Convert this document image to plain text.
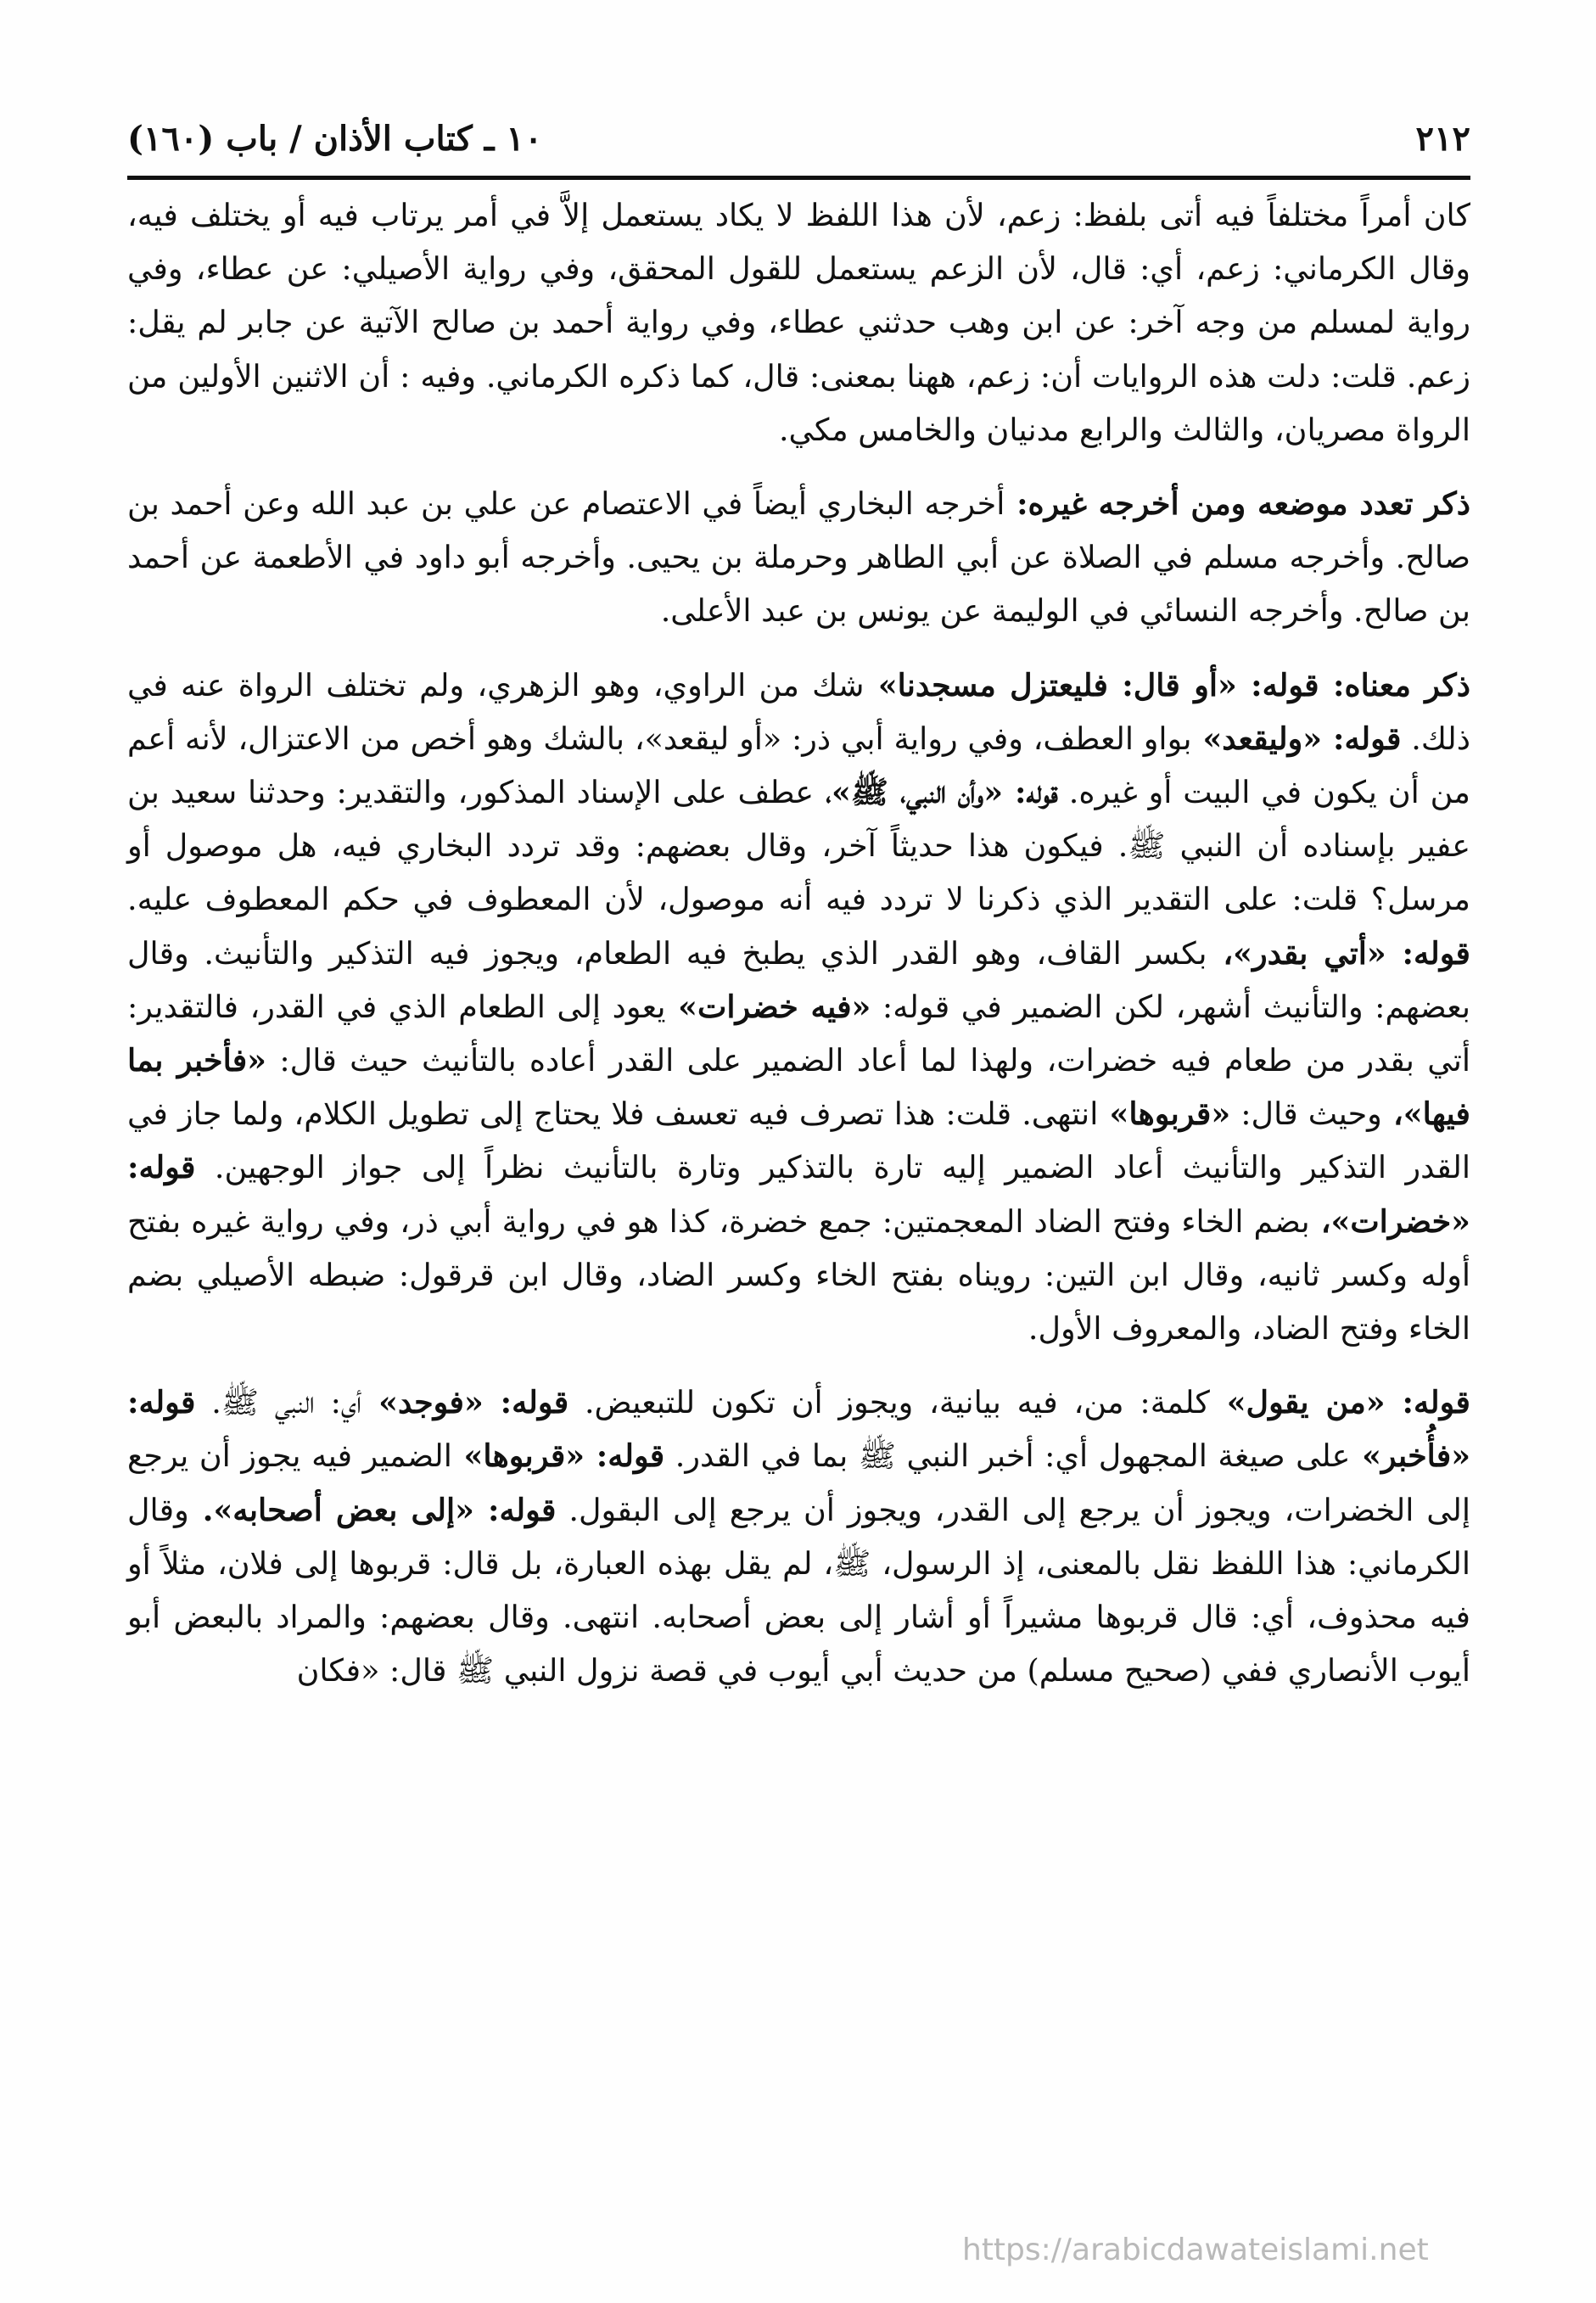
٢١٢
١٠ ـ كتاب الأذان / باب (١٦٠)

كان أمراً مختلفاً فيه أتى بلفظ: زعم، لأن هذا اللفظ لا يكاد يستعمل إلاَّ في أمر يرتاب فيه أو يختلف فيه، وقال الكرماني: زعم، أي: قال، لأن الزعم يستعمل للقول المحقق، وفي رواية الأصيلي: عن عطاء، وفي رواية لمسلم من وجه آخر: عن ابن وهب حدثني عطاء، وفي رواية أحمد بن صالح الآتية عن جابر لم يقل: زعم. قلت: دلت هذه الروايات أن: زعم، ههنا بمعنى: قال، كما ذكره الكرماني. وفيه : أن الاثنين الأولين من الرواة مصريان، والثالث والرابع مدنيان والخامس مكي.

ذكر تعدد موضعه ومن أخرجه غيره: أخرجه البخاري أيضاً في الاعتصام عن علي بن عبد الله وعن أحمد بن صالح. وأخرجه مسلم في الصلاة عن أبي الطاهر وحرملة بن يحيى. وأخرجه أبو داود في الأطعمة عن أحمد بن صالح. وأخرجه النسائي في الوليمة عن يونس بن عبد الأعلى.

ذكر معناه: قوله: «أو قال: فليعتزل مسجدنا» شك من الراوي، وهو الزهري، ولم تختلف الرواة عنه في ذلك. قوله: «وليقعد» بواو العطف، وفي رواية أبي ذر: «أو ليقعد»، بالشك وهو أخص من الاعتزال، لأنه أعم من أن يكون في البيت أو غيره. قوله: «وأن النبي، ﷺ»، عطف على الإسناد المذكور، والتقدير: وحدثنا سعيد بن عفير بإسناده أن النبي ﷺ. فيكون هذا حديثاً آخر، وقال بعضهم: وقد تردد البخاري فيه، هل موصول أو مرسل؟ قلت: على التقدير الذي ذكرنا لا تردد فيه أنه موصول، لأن المعطوف في حكم المعطوف عليه. قوله: «أتي بقدر»، بكسر القاف، وهو القدر الذي يطبخ فيه الطعام، ويجوز فيه التذكير والتأنيث. وقال بعضهم: والتأنيث أشهر، لكن الضمير في قوله: «فيه خضرات» يعود إلى الطعام الذي في القدر، فالتقدير: أتي بقدر من طعام فيه خضرات، ولهذا لما أعاد الضمير على القدر أعاده بالتأنيث حيث قال: «فأخبر بما فيها»، وحيث قال: «قربوها» انتهى. قلت: هذا تصرف فيه تعسف فلا يحتاج إلى تطويل الكلام، ولما جاز في القدر التذكير والتأنيث أعاد الضمير إليه تارة بالتذكير وتارة بالتأنيث نظراً إلى جواز الوجهين. قوله: «خضرات»، بضم الخاء وفتح الضاد المعجمتين: جمع خضرة، كذا هو في رواية أبي ذر، وفي رواية غيره بفتح أوله وكسر ثانيه، وقال ابن التين: رويناه بفتح الخاء وكسر الضاد، وقال ابن قرقول: ضبطه الأصيلي بضم الخاء وفتح الضاد، والمعروف الأول.

قوله: «من يقول» كلمة: من، فيه بيانية، ويجوز أن تكون للتبعيض. قوله: «فوجد» أي: النبي ﷺ. قوله: «فأُخبر» على صيغة المجهول أي: أخبر النبي ﷺ بما في القدر. قوله: «قربوها» الضمير فيه يجوز أن يرجع إلى الخضرات، ويجوز أن يرجع إلى القدر، ويجوز أن يرجع إلى البقول. قوله: «إلى بعض أصحابه». وقال الكرماني: هذا اللفظ نقل بالمعنى، إذ الرسول، ﷺ، لم يقل بهذه العبارة، بل قال: قربوها إلى فلان، مثلاً أو فيه محذوف، أي: قال قربوها مشيراً أو أشار إلى بعض أصحابه. انتهى. وقال بعضهم: والمراد بالبعض أبو أيوب الأنصاري ففي (صحيح مسلم) من حديث أبي أيوب في قصة نزول النبي ﷺ قال: «فكان

https://arabicdawateislami.net
